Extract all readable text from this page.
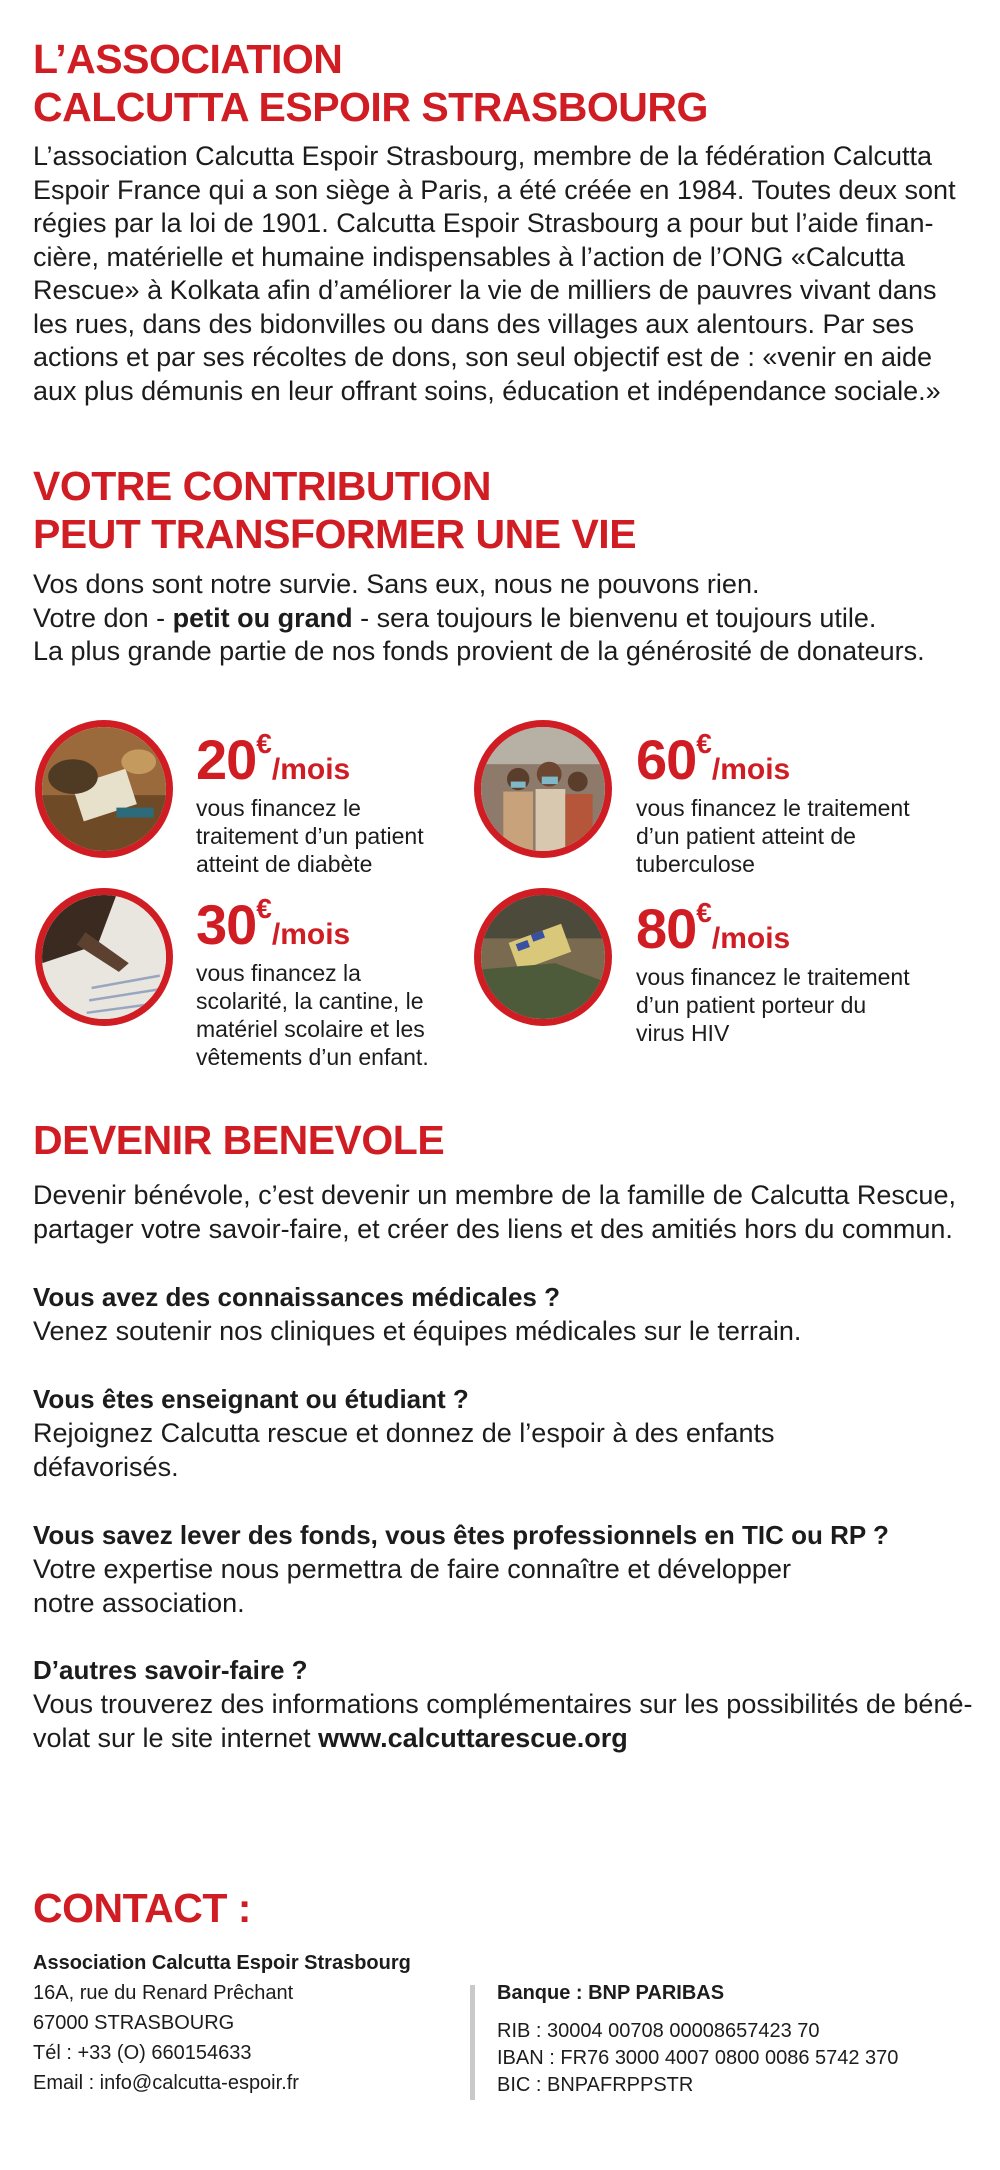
L’ASSOCIATION
CALCUTTA ESPOIR STRASBOURG
L’association Calcutta Espoir Strasbourg, membre de la fédération Calcutta
Espoir France qui a son siège à Paris, a été créée en 1984. Toutes deux sont
régies par la loi de 1901. Calcutta Espoir Strasbourg a pour but l’aide finan-
cière, matérielle et humaine indispensables à l’action de l’ONG «Calcutta
Rescue» à Kolkata afin d’améliorer la vie de milliers de pauvres vivant dans
les rues, dans des bidonvilles ou dans des villages aux alentours. Par ses
actions et par ses récoltes de dons, son seul objectif est de : «venir en aide
aux plus démunis en leur offrant soins, éducation et indépendance sociale.»
VOTRE CONTRIBUTION
PEUT TRANSFORMER UNE VIE
Vos dons sont notre survie. Sans eux, nous ne pouvons rien.
Votre don - petit ou grand - sera toujours le bienvenu et toujours utile.
La plus grande partie de nos fonds provient de la générosité de donateurs.
20€/mois
vous financez le
traitement d’un patient
atteint de diabète
60€/mois
vous financez le traitement
d’un patient atteint de
tuberculose
30€/mois
vous financez la
scolarité, la cantine, le
matériel scolaire et les
vêtements d’un enfant.
80€/mois
vous financez le traitement
d’un patient porteur du
virus HIV
DEVENIR BENEVOLE
Devenir bénévole, c’est devenir un membre de la famille de Calcutta Rescue,
partager votre savoir-faire, et créer des liens et des amitiés hors du commun.
Vous avez des connaissances médicales ?
Venez soutenir nos cliniques et équipes médicales sur le terrain.
Vous êtes enseignant ou étudiant ?
Rejoignez Calcutta rescue et donnez de l’espoir à des enfants
défavorisés.
Vous savez lever des fonds, vous êtes professionnels en TIC ou RP ?
Votre expertise nous permettra de faire connaître et développer
notre association.
D’autres savoir-faire ?
Vous trouverez des informations complémentaires sur les possibilités de béné-
volat sur le site internet www.calcuttarescue.org
CONTACT :
Association Calcutta Espoir Strasbourg
16A, rue du Renard Prêchant
67000 STRASBOURG
Tél : +33 (O) 660154633
Email : info@calcutta-espoir.fr
Banque : BNP PARIBAS
RIB : 30004 00708 00008657423 70
IBAN : FR76 3000 4007 0800 0086 5742 370
BIC : BNPAFRPPSTR
